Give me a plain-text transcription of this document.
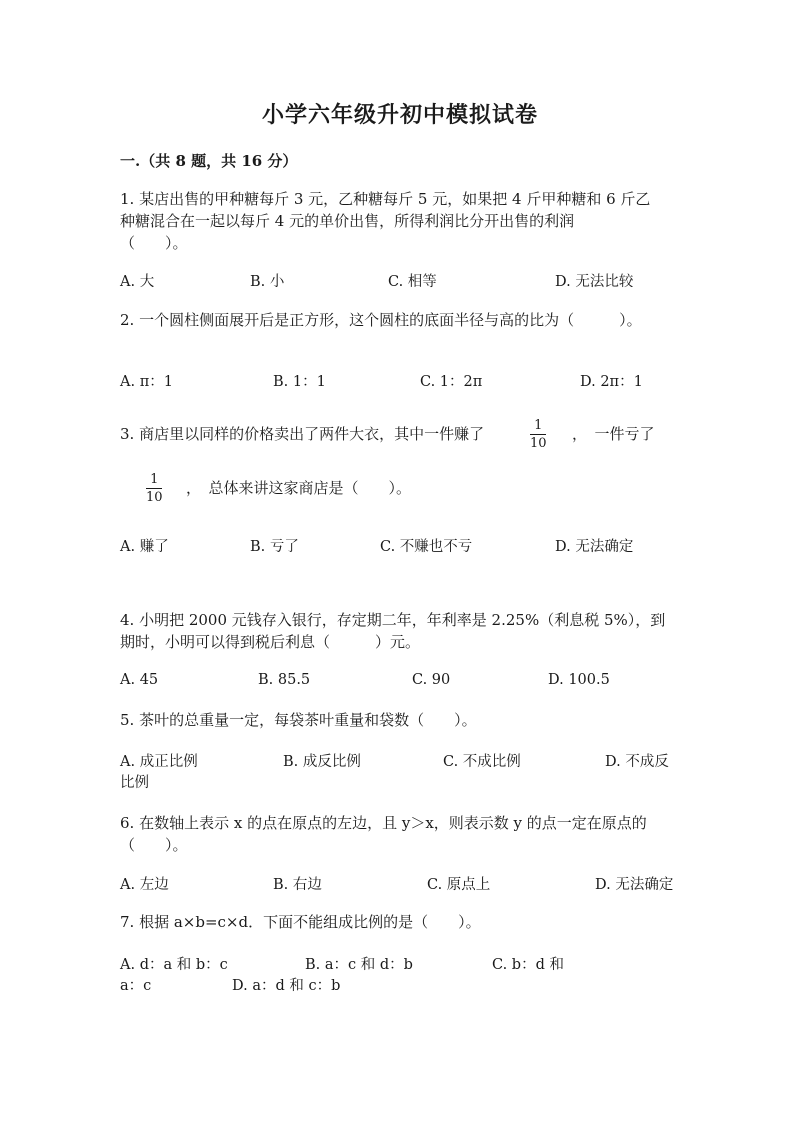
小学六年级升初中模拟试卷
一.（共 8 题，共 16 分）
1. 某店出售的甲种糖每斤 3 元，乙种糖每斤 5 元，如果把 4 斤甲种糖和 6 斤乙
种糖混合在一起以每斤 4 元的单价出售，所得利润比分开出售的利润
（　　）。
A. 大	B. 小	C. 相等	D. 无法比较
2. 一个圆柱侧面展开后是正方形，这个圆柱的底面半径与高的比为（　　　）。
A. π：1	B. 1：1	C. 1：2π	D. 2π：1
3. 商店里以同样的价格卖出了两件大衣，其中一件赚了	1
10
，　一件亏了
1
10
，　总体来讲这家商店是（　　）。
A. 赚了	B. 亏了	C. 不赚也不亏	D. 无法确定
4. 小明把 2000 元钱存入银行，存定期二年，年利率是 2.25%（利息税 5%），到
期时，小明可以得到税后利息（　　　）元。
A. 45	B. 85.5	C. 90	D. 100.5
5. 茶叶的总重量一定，每袋茶叶重量和袋数（　　）。
A. 成正比例	B. 成反比例	C. 不成比例	D. 不成反
比例
6. 在数轴上表示 x 的点在原点的左边，且 y＞x，则表示数 y 的点一定在原点的
（　　）。
A. 左边	B. 右边	C. 原点上	D. 无法确定
7. 根据 a×b=c×d．下面不能组成比例的是（　　）。
A. d：a 和 b：c	B. a：c 和 d：b	C. b：d 和
a：c	D. a：d 和 c：b
